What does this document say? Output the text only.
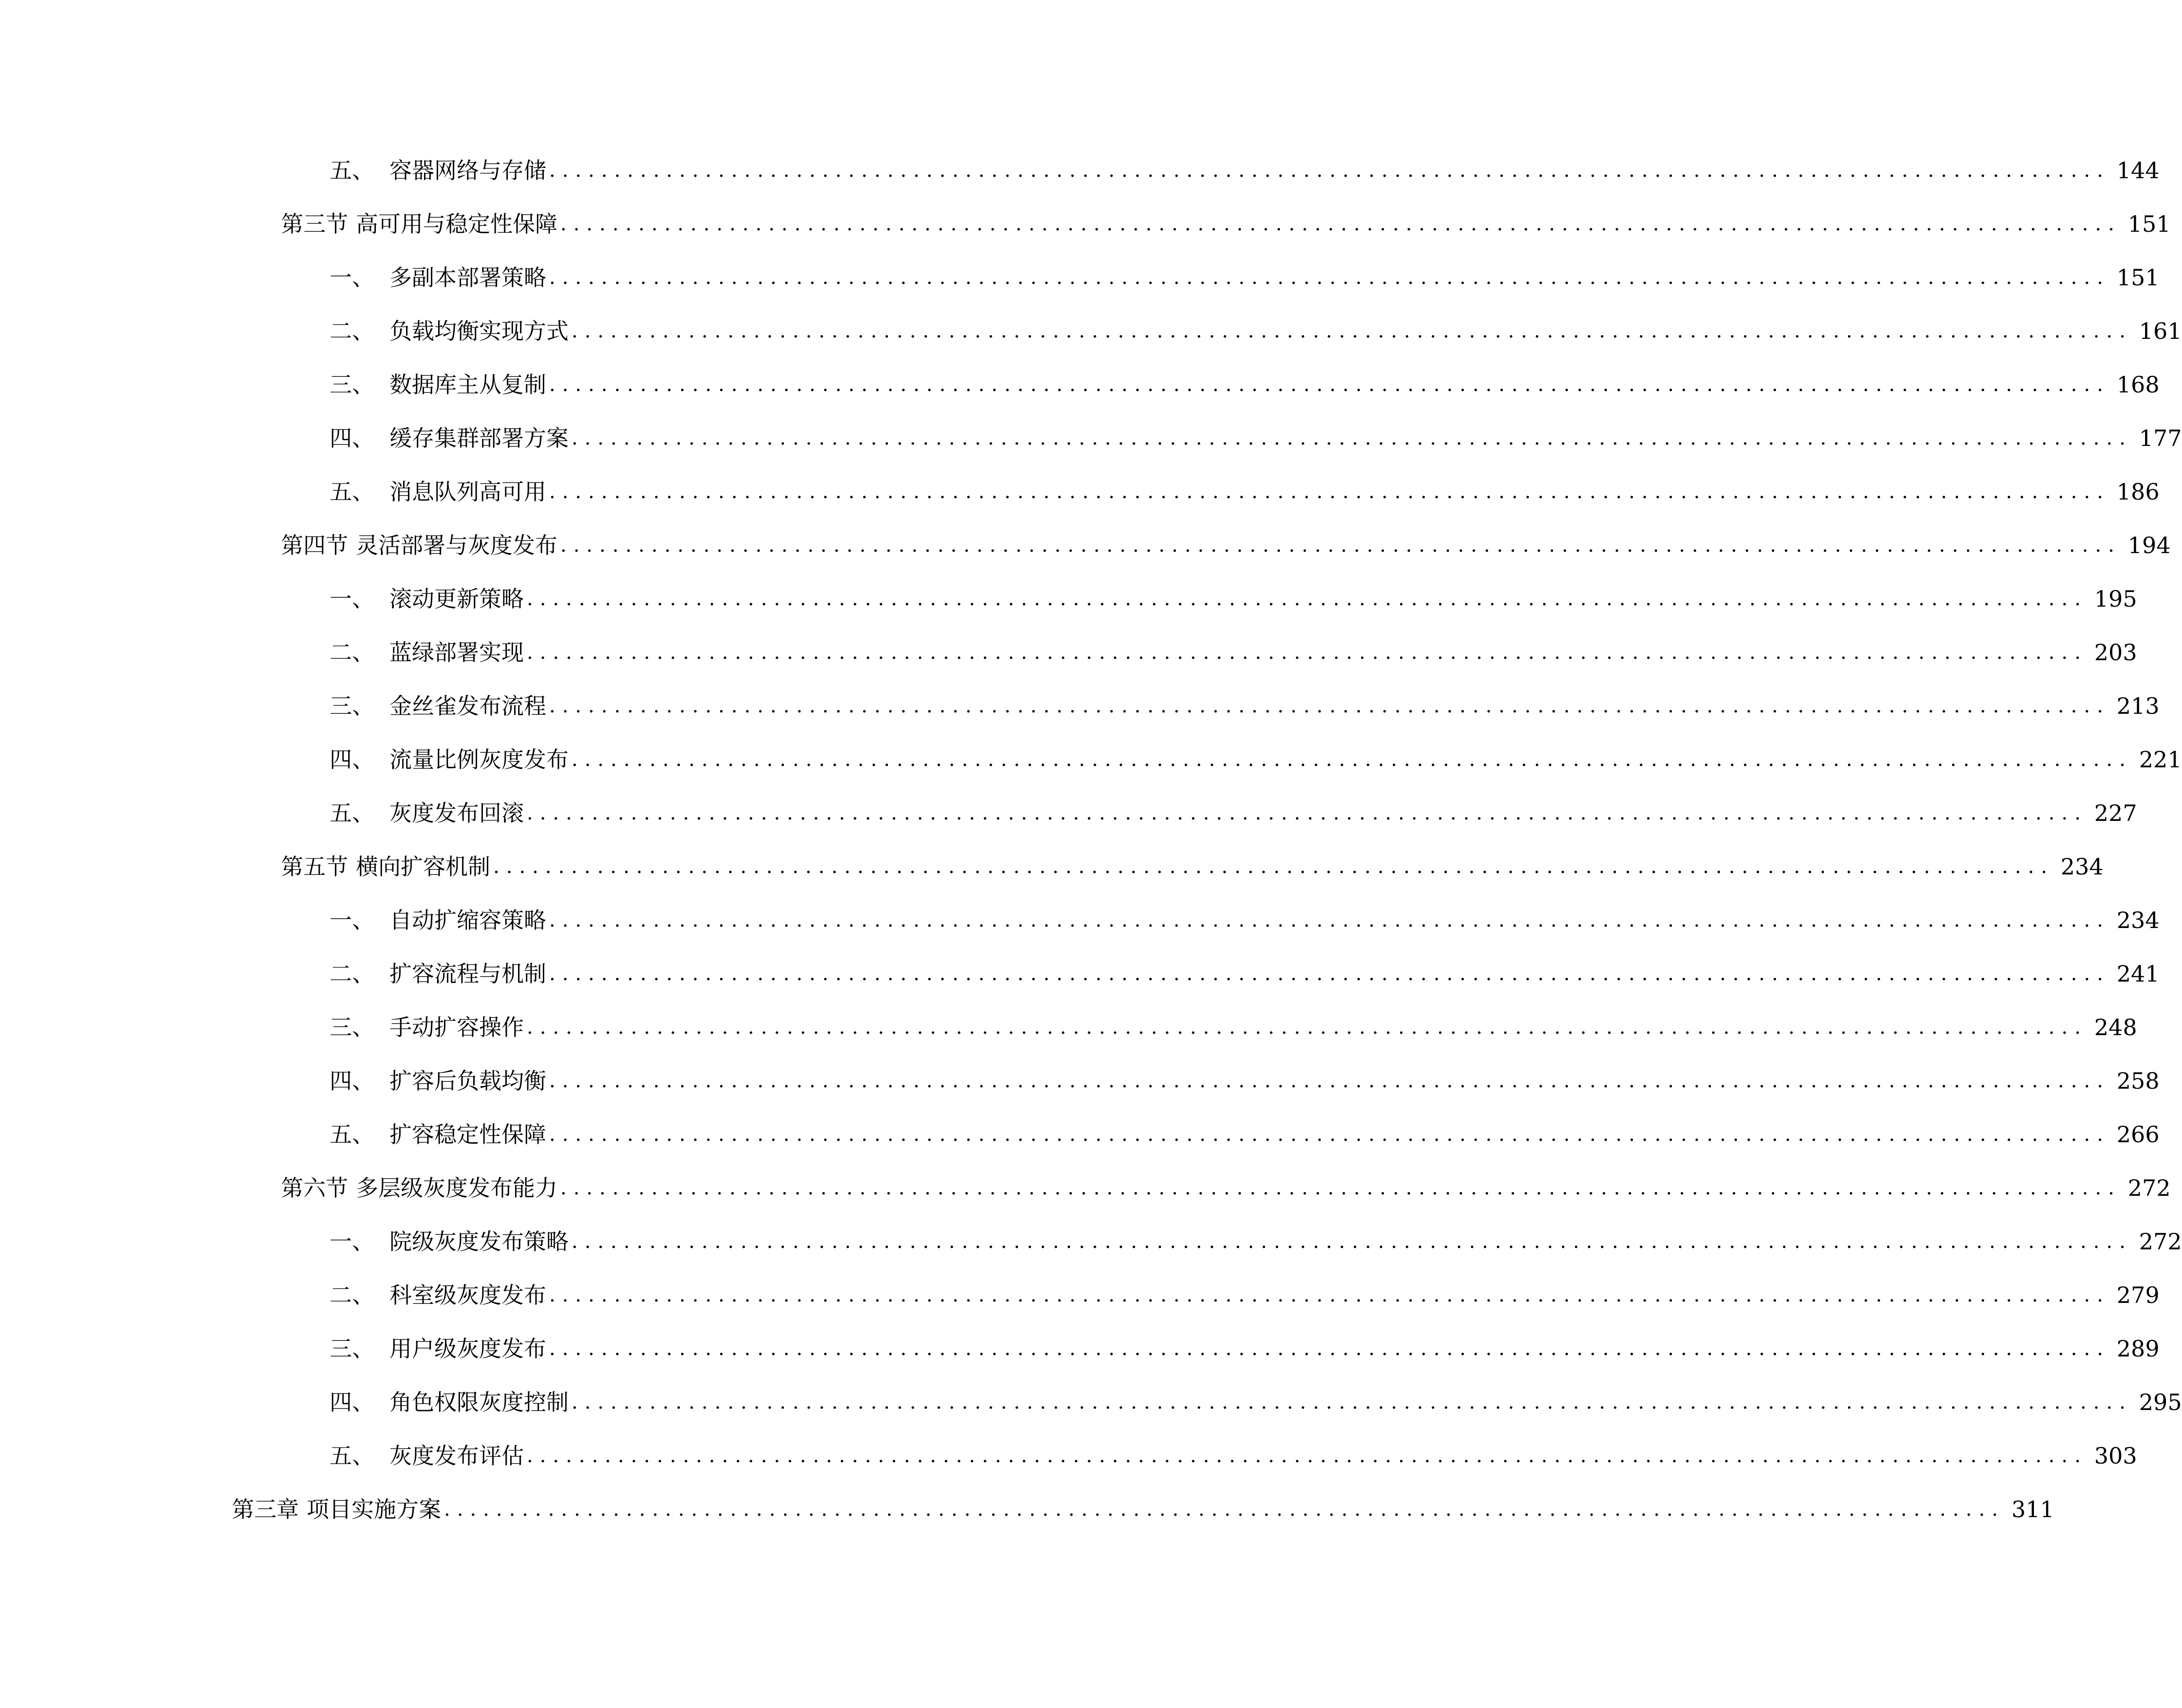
五、 容器网络与存储 ........................................................................................................................ 144
第三节 高可用与稳定性保障 ........................................................................................................................ 151
一、 多副本部署策略 ........................................................................................................................ 151
二、 负载均衡实现方式 ........................................................................................................................ 161
三、 数据库主从复制 ........................................................................................................................ 168
四、 缓存集群部署方案 ........................................................................................................................ 177
五、 消息队列高可用 ........................................................................................................................ 186
第四节 灵活部署与灰度发布 ........................................................................................................................ 194
一、 滚动更新策略 ........................................................................................................................ 195
二、 蓝绿部署实现 ........................................................................................................................ 203
三、 金丝雀发布流程 ........................................................................................................................ 213
四、 流量比例灰度发布 ........................................................................................................................ 221
五、 灰度发布回滚 ........................................................................................................................ 227
第五节 横向扩容机制 ........................................................................................................................ 234
一、 自动扩缩容策略 ........................................................................................................................ 234
二、 扩容流程与机制 ........................................................................................................................ 241
三、 手动扩容操作 ........................................................................................................................ 248
四、 扩容后负载均衡 ........................................................................................................................ 258
五、 扩容稳定性保障 ........................................................................................................................ 266
第六节 多层级灰度发布能力 ........................................................................................................................ 272
一、 院级灰度发布策略 ........................................................................................................................ 272
二、 科室级灰度发布 ........................................................................................................................ 279
三、 用户级灰度发布 ........................................................................................................................ 289
四、 角色权限灰度控制 ........................................................................................................................ 295
五、 灰度发布评估 ........................................................................................................................ 303
第三章 项目实施方案 ........................................................................................................................ 311
